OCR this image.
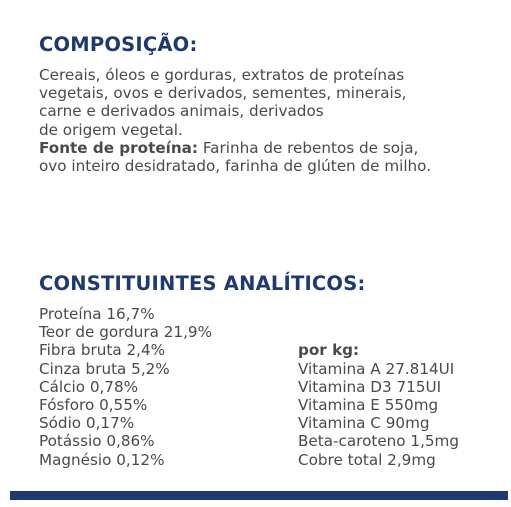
COMPOSIÇÃO:
Cereais, óleos e gorduras, extratos de proteínas
vegetais, ovos e derivados, sementes, minerais,
carne e derivados animais, derivados
de origem vegetal.
Fonte de proteína: Farinha de rebentos de soja,
ovo inteiro desidratado, farinha de glúten de milho.
CONSTITUINTES ANALÍTICOS:
Proteína 16,7%
Teor de gordura 21,9%
Fibra bruta 2,4%
Cinza bruta 5,2%
Cálcio 0,78%
Fósforo 0,55%
Sódio 0,17%
Potássio 0,86%
Magnésio 0,12%
por kg:
Vitamina A 27.814UI
Vitamina D3 715UI
Vitamina E 550mg
Vitamina C 90mg
Beta-caroteno 1,5mg
Cobre total 2,9mg
